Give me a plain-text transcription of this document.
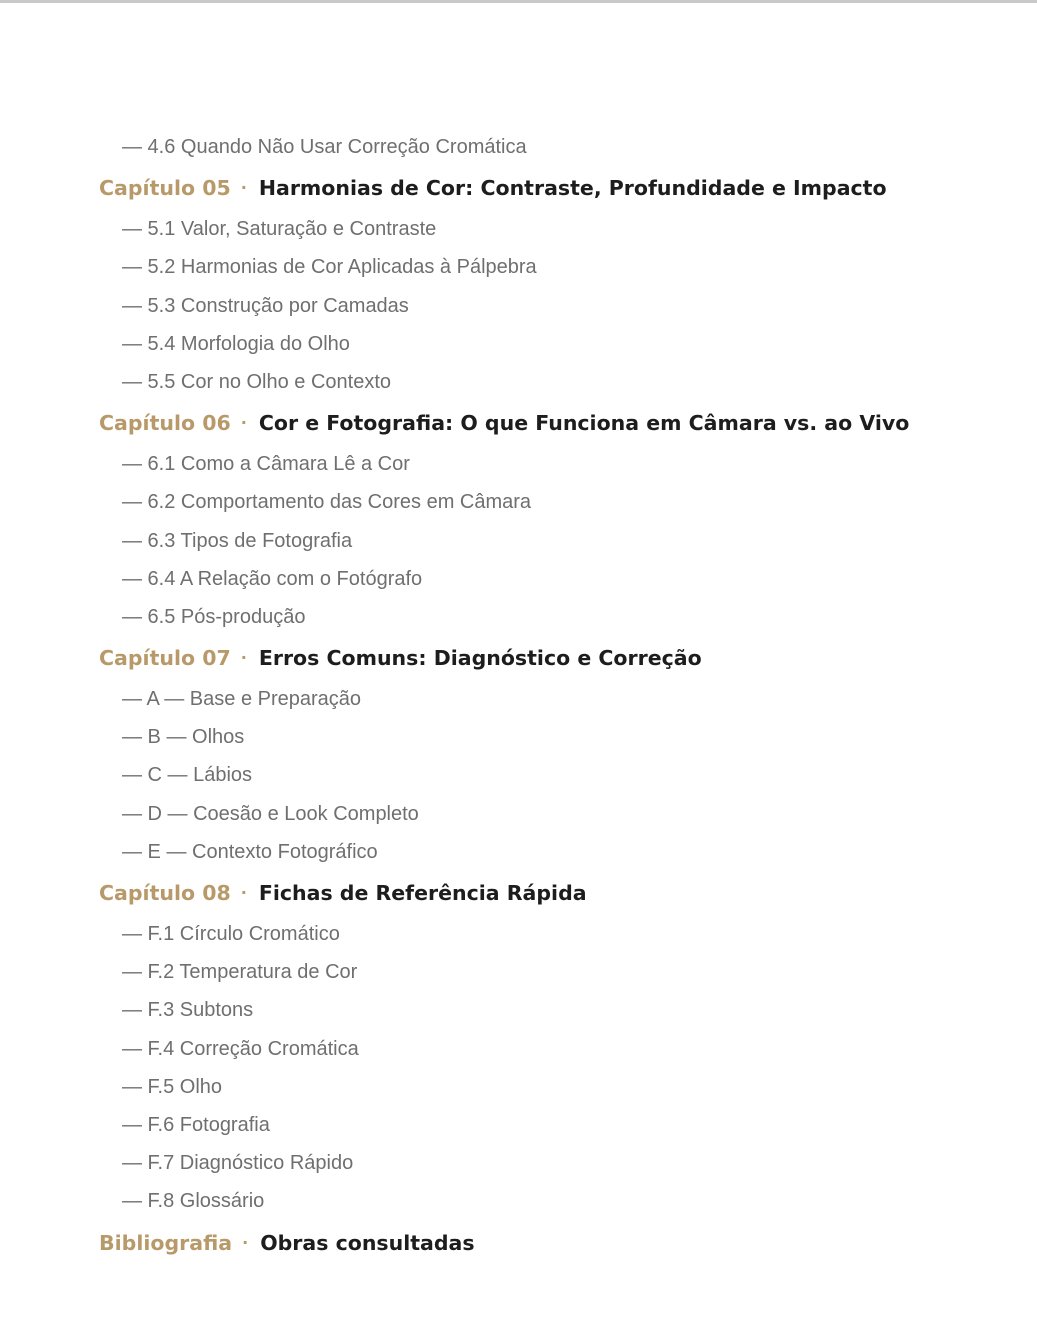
— 4.6 Quando Não Usar Correção Cromática
Capítulo 05 · Harmonias de Cor: Contraste, Profundidade e Impacto
— 5.1 Valor, Saturação e Contraste
— 5.2 Harmonias de Cor Aplicadas à Pálpebra
— 5.3 Construção por Camadas
— 5.4 Morfologia do Olho
— 5.5 Cor no Olho e Contexto
Capítulo 06 · Cor e Fotografia: O que Funciona em Câmara vs. ao Vivo
— 6.1 Como a Câmara Lê a Cor
— 6.2 Comportamento das Cores em Câmara
— 6.3 Tipos de Fotografia
— 6.4 A Relação com o Fotógrafo
— 6.5 Pós-produção
Capítulo 07 · Erros Comuns: Diagnóstico e Correção
— A — Base e Preparação
— B — Olhos
— C — Lábios
— D — Coesão e Look Completo
— E — Contexto Fotográfico
Capítulo 08 · Fichas de Referência Rápida
— F.1 Círculo Cromático
— F.2 Temperatura de Cor
— F.3 Subtons
— F.4 Correção Cromática
— F.5 Olho
— F.6 Fotografia
— F.7 Diagnóstico Rápido
— F.8 Glossário
Bibliografia · Obras consultadas
